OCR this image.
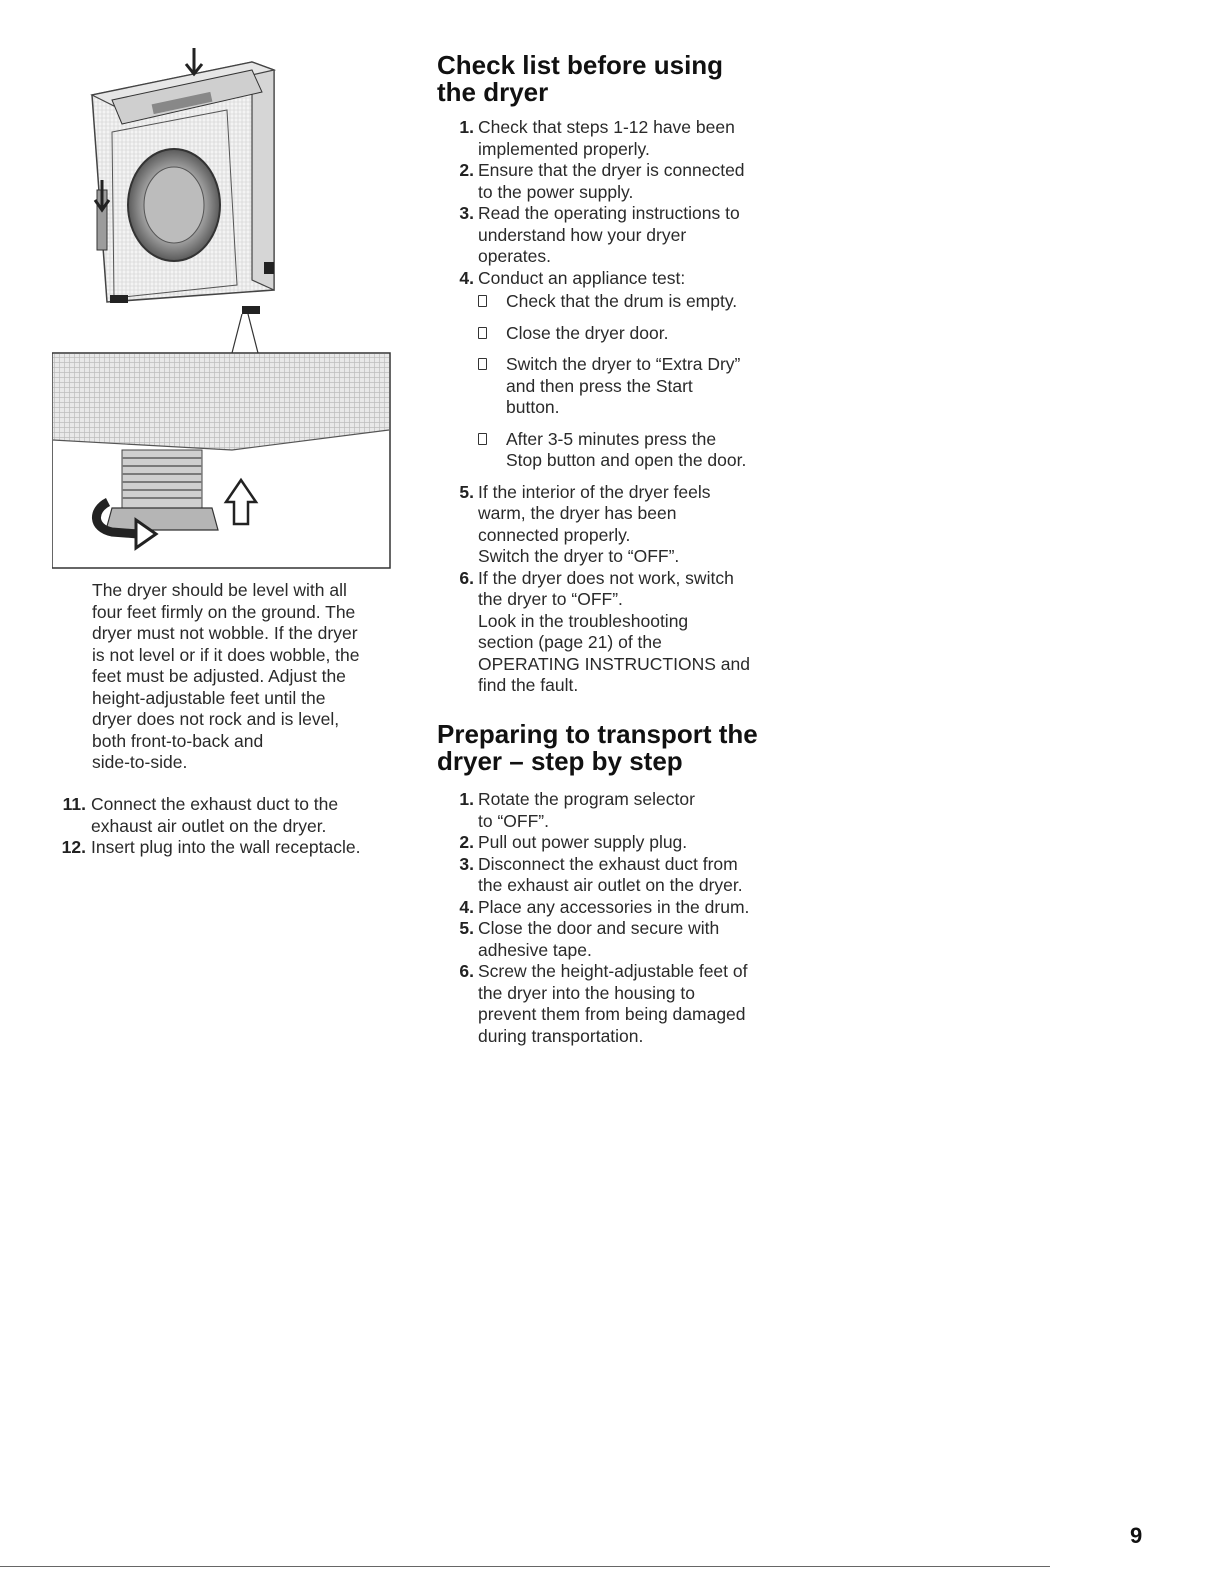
The dryer should be level with all
four feet firmly on the ground. The
dryer must not wobble. If the dryer
is not level or if it does wobble, the
feet must be adjusted. Adjust the
height-adjustable feet until the
dryer does not rock and is level,
both front-to-back and
side-to-side.
11. Connect the exhaust duct to the
exhaust air outlet on the dryer.
12. Insert plug into the wall receptacle.
Check list before using
the dryer
1. Check that steps 1-12 have been
implemented properly.
2. Ensure that the dryer is connected
to the power supply.
3. Read the operating instructions to
understand how your dryer
operates.
4. Conduct an appliance test:
Check that the drum is empty.
Close the dryer door.
Switch the dryer to “Extra Dry”
and then press the Start
button.
After 3-5 minutes press the
Stop button and open the door.
5. If the interior of the dryer feels
warm, the dryer has been
connected properly.
Switch the dryer to “OFF”.
6. If the dryer does not work, switch
the dryer to “OFF”.
Look in the troubleshooting
section (page 21) of the
OPERATING INSTRUCTIONS and
find the fault.
Preparing to transport the
dryer – step by step
1. Rotate the program selector
to “OFF”.
2. Pull out power supply plug.
3. Disconnect the exhaust duct from
the exhaust air outlet on the dryer.
4. Place any accessories in the drum.
5. Close the door and secure with
adhesive tape.
6. Screw the height-adjustable feet of
the dryer into the housing to
prevent them from being damaged
during transportation.
9
